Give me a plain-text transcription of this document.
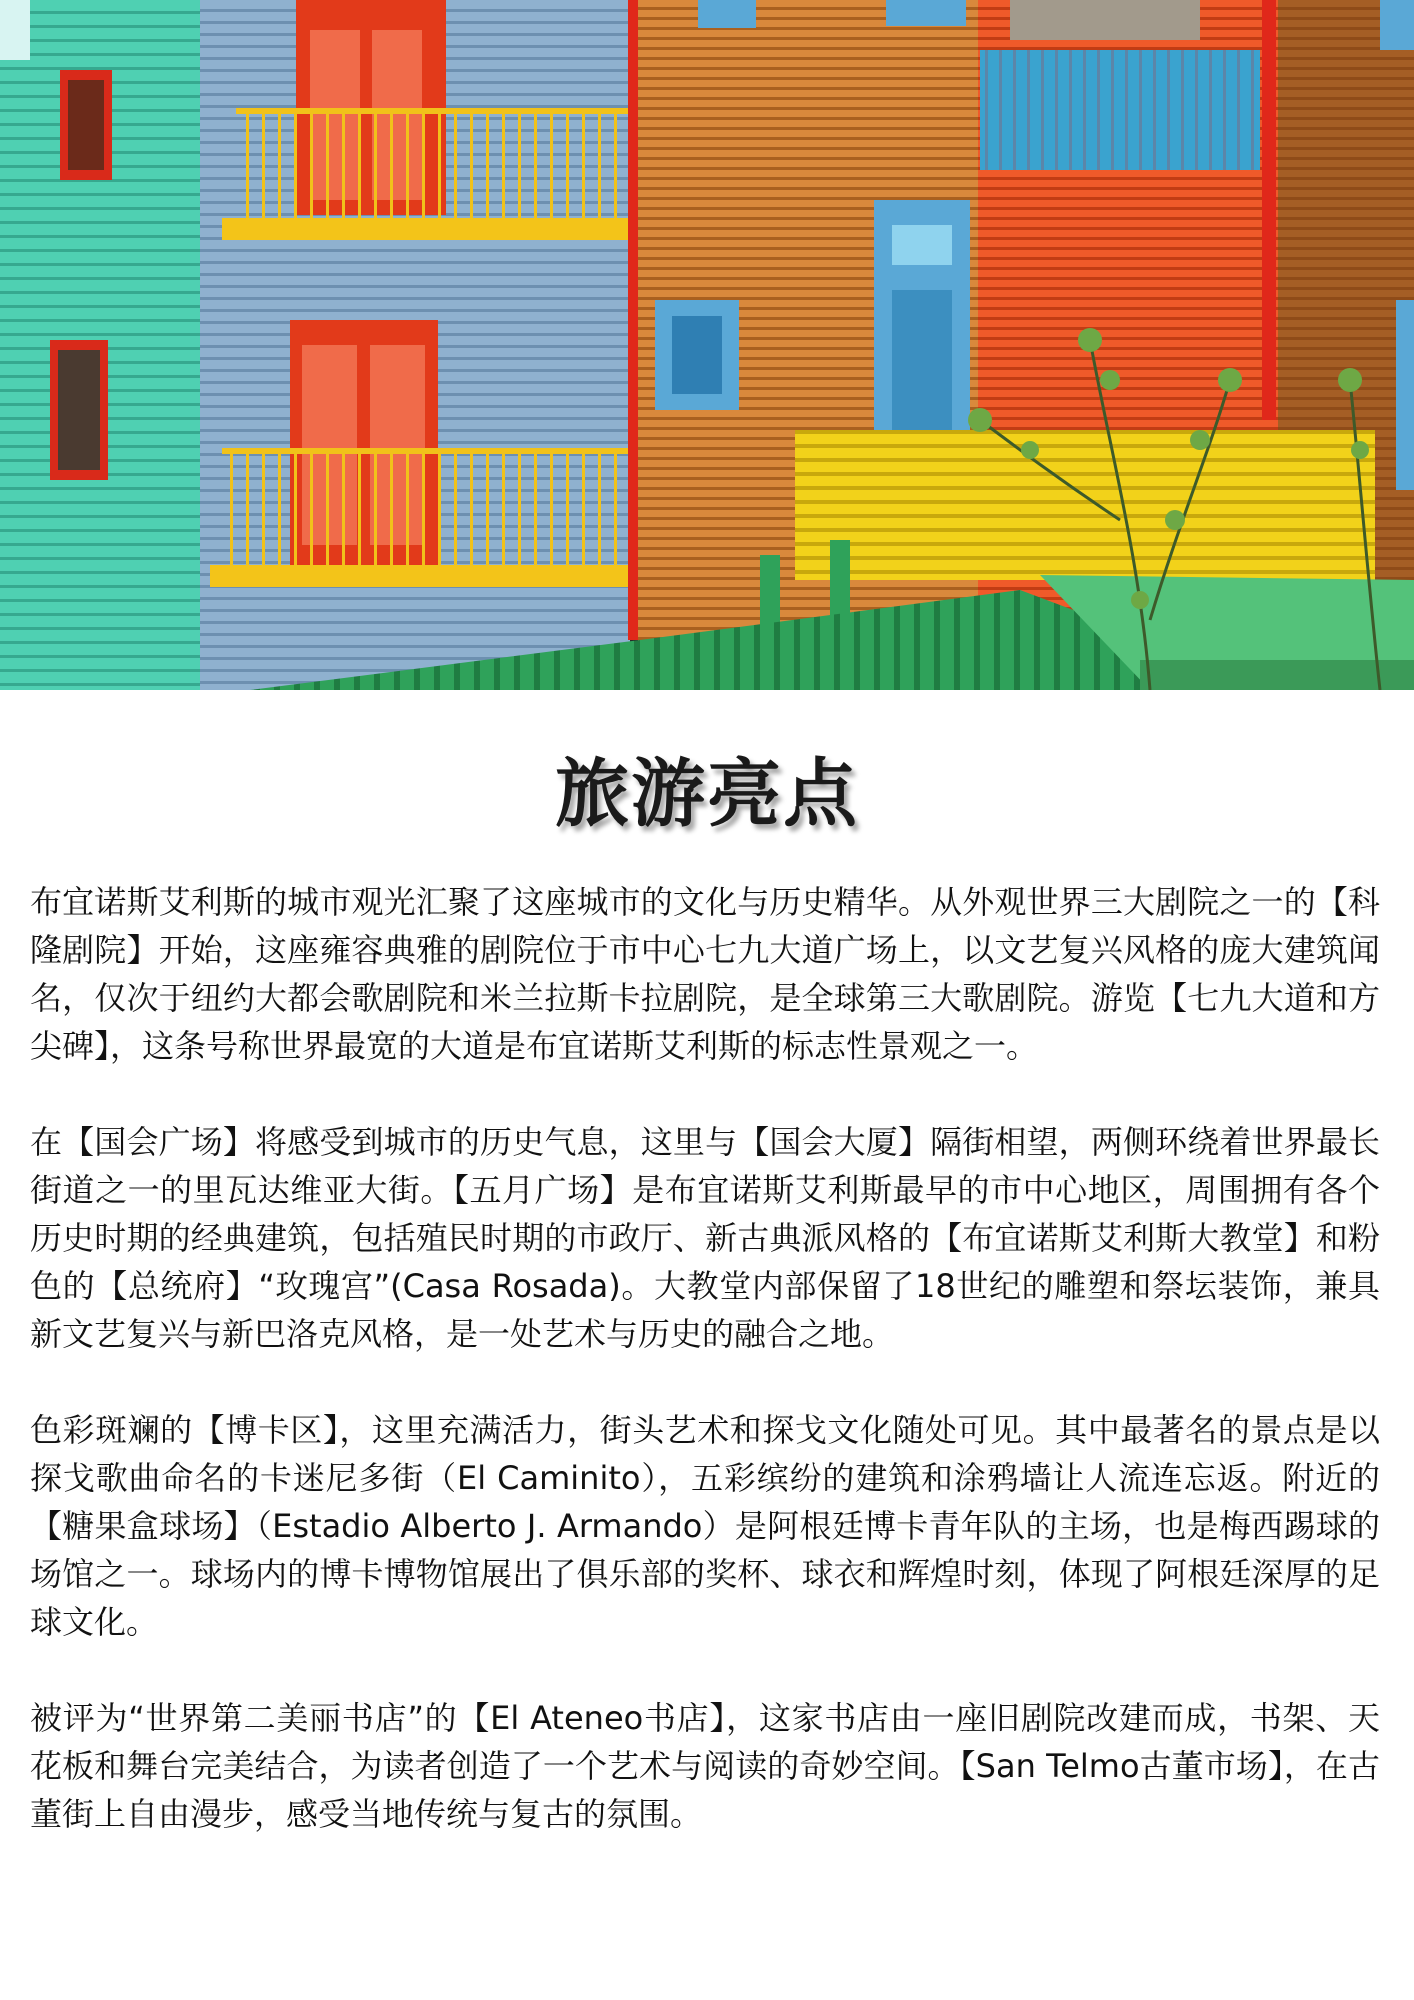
旅游亮点

布宜诺斯艾利斯的城市观光汇聚了这座城市的文化与历史精华。从外观世界三大剧院之一的【科隆剧院】开始，这座雍容典雅的剧院位于市中心七九大道广场上，以文艺复兴风格的庞大建筑闻名，仅次于纽约大都会歌剧院和米兰拉斯卡拉剧院，是全球第三大歌剧院。游览【七九大道和方尖碑】，这条号称世界最宽的大道是布宜诺斯艾利斯的标志性景观之一。

在【国会广场】将感受到城市的历史气息，这里与【国会大厦】隔街相望，两侧环绕着世界最长街道之一的里瓦达维亚大街。【五月广场】是布宜诺斯艾利斯最早的市中心地区，周围拥有各个历史时期的经典建筑，包括殖民时期的市政厅、新古典派风格的【布宜诺斯艾利斯大教堂】和粉色的【总统府】“玫瑰宫”(Casa Rosada)。大教堂内部保留了18世纪的雕塑和祭坛装饰，兼具新文艺复兴与新巴洛克风格，是一处艺术与历史的融合之地。

色彩斑斓的【博卡区】，这里充满活力，街头艺术和探戈文化随处可见。其中最著名的景点是以探戈歌曲命名的卡迷尼多街（El Caminito），五彩缤纷的建筑和涂鸦墙让人流连忘返。附近的【糖果盒球场】（Estadio Alberto J. Armando）是阿根廷博卡青年队的主场，也是梅西踢球的场馆之一。球场内的博卡博物馆展出了俱乐部的奖杯、球衣和辉煌时刻，体现了阿根廷深厚的足球文化。

被评为“世界第二美丽书店”的【El Ateneo书店】，这家书店由一座旧剧院改建而成，书架、天花板和舞台完美结合，为读者创造了一个艺术与阅读的奇妙空间。【San Telmo古董市场】，在古董街上自由漫步，感受当地传统与复古的氛围。
